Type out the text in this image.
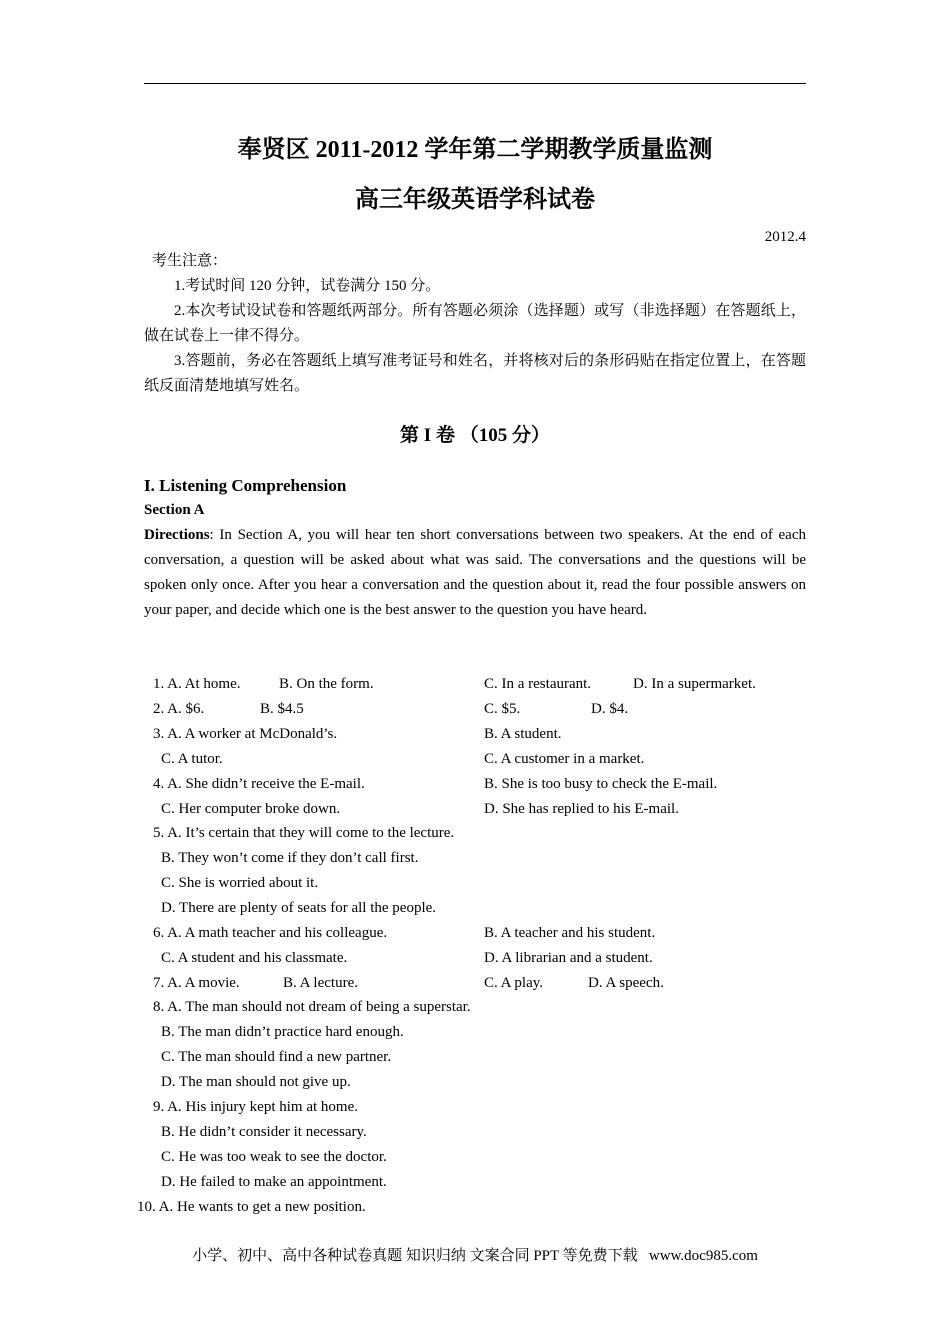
奉贤区 2011-2012 学年第二学期教学质量监测
高三年级英语学科试卷
2012.4
考生注意：
1.考试时间 120 分钟，试卷满分 150 分。
2.本次考试设试卷和答题纸两部分。所有答题必须涂（选择题）或写（非选择题）在答题纸上，做在试卷上一律不得分。
3.答题前，务必在答题纸上填写准考证号和姓名，并将核对后的条形码贴在指定位置上，在答题纸反面清楚地填写姓名。
第 I 卷 （105 分）
I. Listening Comprehension
Section A
Directions: In Section A, you will hear ten short conversations between two speakers. At the end of each conversation, a question will be asked about what was said. The conversations and the questions will be spoken only once. After you hear a conversation and the question about it, read the four possible answers on your paper, and decide which one is the best answer to the question you have heard.
1. A. At home.	B. On the form.	C. In a restaurant.	D. In a supermarket.
2. A. $6.	B. $4.5	C. $5.	D. $4.
3. A. A worker at McDonald’s.	B. A student.
C. A tutor.	C. A customer in a market.
4. A. She didn’t receive the E-mail.	B. She is too busy to check the E-mail.
C. Her computer broke down.	D. She has replied to his E-mail.
5. A. It’s certain that they will come to the lecture.
B. They won’t come if they don’t call first.
C. She is worried about it.
D. There are plenty of seats for all the people.
6. A. A math teacher and his colleague.	B. A teacher and his student.
C. A student and his classmate.	D. A librarian and a student.
7. A. A movie.	B. A lecture.	C. A play.	D. A speech.
8. A. The man should not dream of being a superstar.
B. The man didn’t practice hard enough.
C. The man should find a new partner.
D. The man should not give up.
9. A. His injury kept him at home.
B. He didn’t consider it necessary.
C. He was too weak to see the doctor.
D. He failed to make an appointment.
10. A. He wants to get a new position.
小学、初中、高中各种试卷真题 知识归纳 文案合同 PPT 等免费下载   www.doc985.com
